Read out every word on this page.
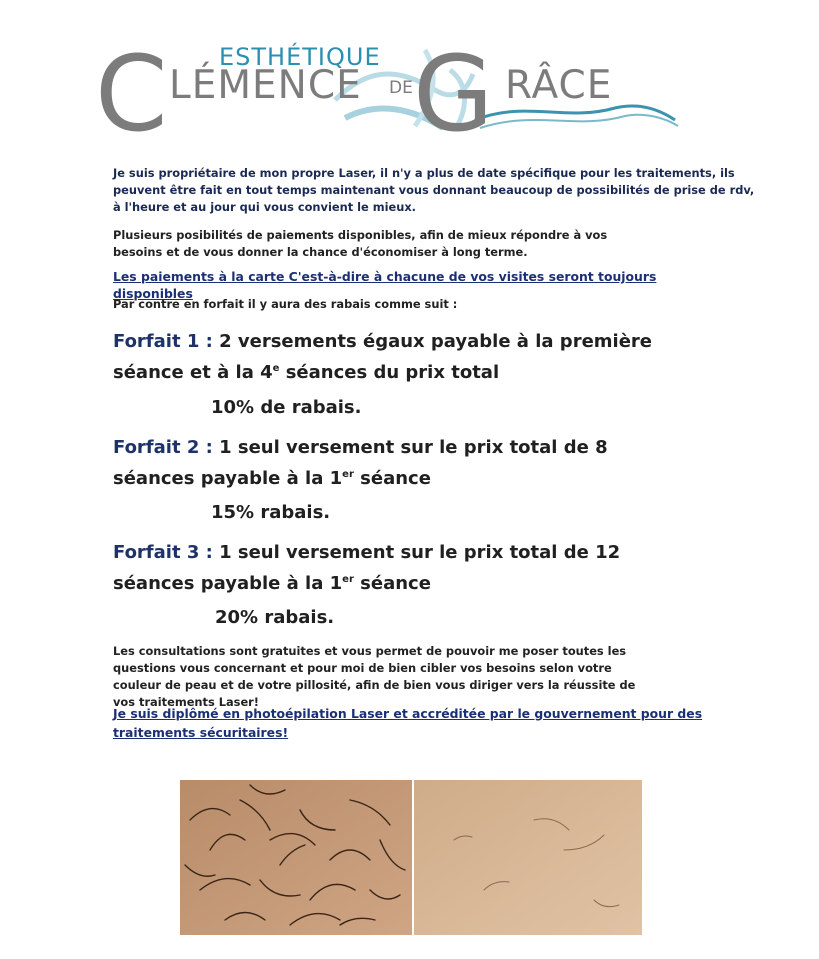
ESTHÉTIQUE
C LÉMENCE DE G RÂCE
Je suis propriétaire de mon propre Laser, il n'y a plus de date spécifique pour les traitements, ils peuvent être fait en tout temps maintenant vous donnant beaucoup de possibilités de prise de rdv, à l'heure et au jour qui vous convient le mieux.
Plusieurs posibilités de paiements disponibles, afin de mieux répondre à vos besoins et de vous donner la chance d'économiser à long terme.
Les paiements à la carte C'est-à-dire à chacune de vos visites seront toujours disponibles
Par contre en forfait il y aura des rabais comme suit :
Forfait 1 : 2 versements égaux payable à la première séance et à la 4e séances du prix total
10% de rabais.
Forfait 2 : 1 seul versement sur le prix total de 8 séances payable à la 1er séance
15% rabais.
Forfait 3 : 1 seul versement sur le prix total de 12 séances payable à la 1er séance
20% rabais.
Les consultations sont gratuites et vous permet de pouvoir me poser toutes les questions vous concernant et pour moi de bien cibler vos besoins selon votre couleur de peau et de votre pillosité, afin de bien vous diriger vers la réussite de vos traitements Laser!
Je suis diplômé en photoépilation Laser et accréditée par le gouvernement pour des traitements sécuritaires!
